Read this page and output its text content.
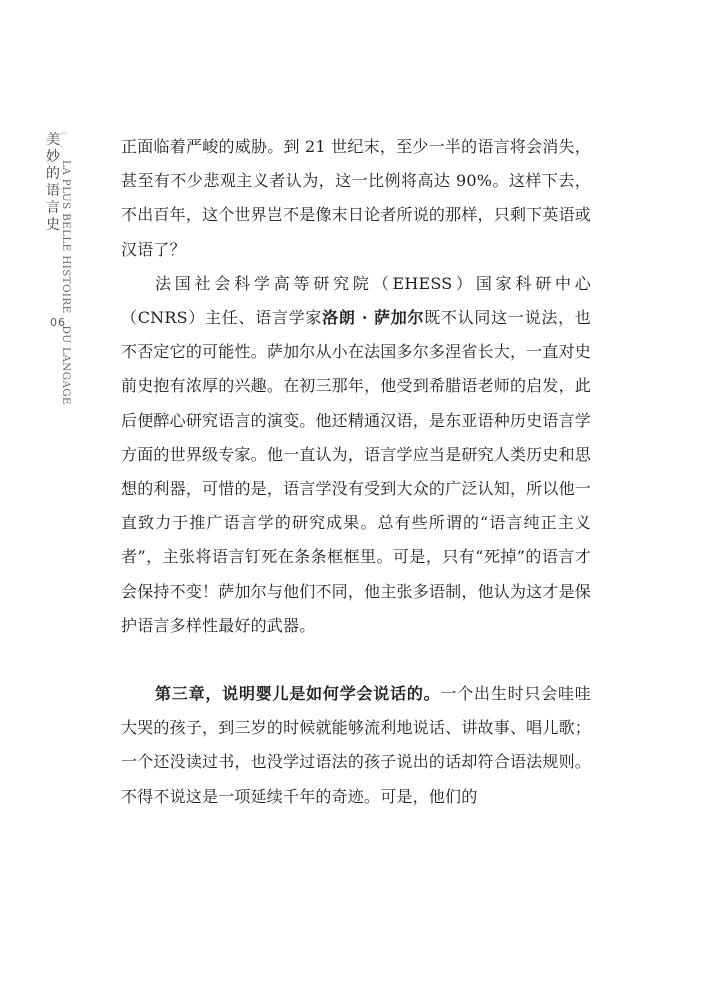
美
妙
的
语
言
史 LA PLUS BELLE HISTOIREDU LANGAGE
06

正面临着严峻的威胁。到 21 世纪末，至少一半的语言将会消失，甚至有不少悲观主义者认为，这一比例将高达 90%。这样下去，不出百年，这个世界岂不是像末日论者所说的那样，只剩下英语或汉语了？

法国社会科学高等研究院（EHESS）国家科研中心（CNRS）主任、语言学家洛朗 · 萨加尔既不认同这一说法，也不否定它的可能性。萨加尔从小在法国多尔多涅省长大，一直对史前史抱有浓厚的兴趣。在初三那年，他受到希腊语老师的启发，此后便醉心研究语言的演变。他还精通汉语，是东亚语种历史语言学方面的世界级专家。他一直认为，语言学应当是研究人类历史和思想的利器，可惜的是，语言学没有受到大众的广泛认知，所以他一直致力于推广语言学的研究成果。总有些所谓的“语言纯正主义者”，主张将语言钉死在条条框框里。可是，只有“死掉”的语言才会保持不变！萨加尔与他们不同，他主张多语制，他认为这才是保护语言多样性最好的武器。

第三章，说明婴儿是如何学会说话的。一个出生时只会哇哇大哭的孩子，到三岁的时候就能够流利地说话、讲故事、唱儿歌；一个还没读过书，也没学过语法的孩子说出的话却符合语法规则。不得不说这是一项延续千年的奇迹。可是，他们的
